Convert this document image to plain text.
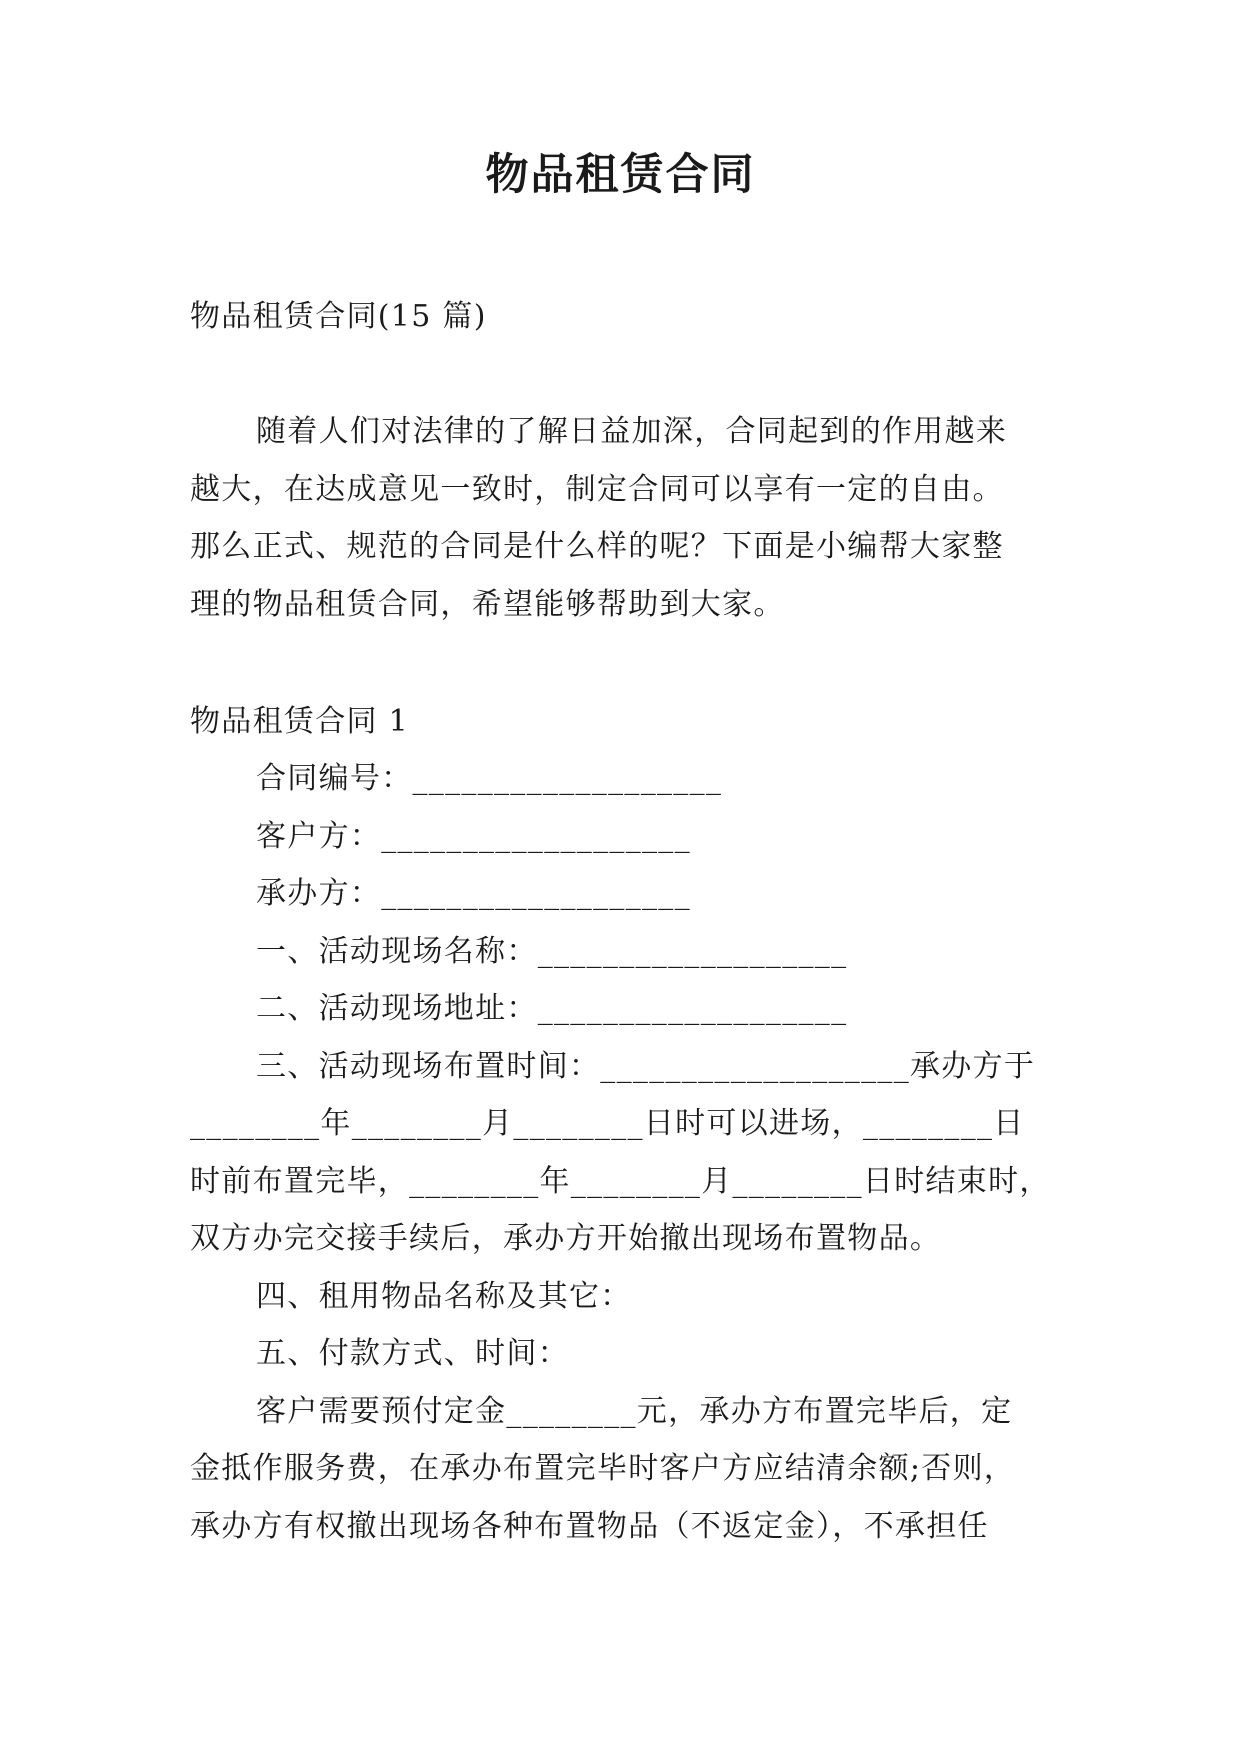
物品租赁合同
物品租赁合同(15 篇)
随着人们对法律的了解日益加深，合同起到的作用越来
越大，在达成意见一致时，制定合同可以享有一定的自由。
那么正式、规范的合同是什么样的呢？下面是小编帮大家整
理的物品租赁合同，希望能够帮助到大家。
物品租赁合同 1
合同编号：___________________
客户方：___________________
承办方：___________________
一、活动现场名称：___________________
二、活动现场地址：___________________
三、活动现场布置时间：___________________承办方于
________年________月________日时可以进场，________日
时前布置完毕，________年________月________日时结束时，
双方办完交接手续后，承办方开始撤出现场布置物品。
四、租用物品名称及其它：
五、付款方式、时间：
客户需要预付定金________元，承办方布置完毕后，定
金抵作服务费，在承办布置完毕时客户方应结清余额;否则，
承办方有权撤出现场各种布置物品（不返定金），不承担任
